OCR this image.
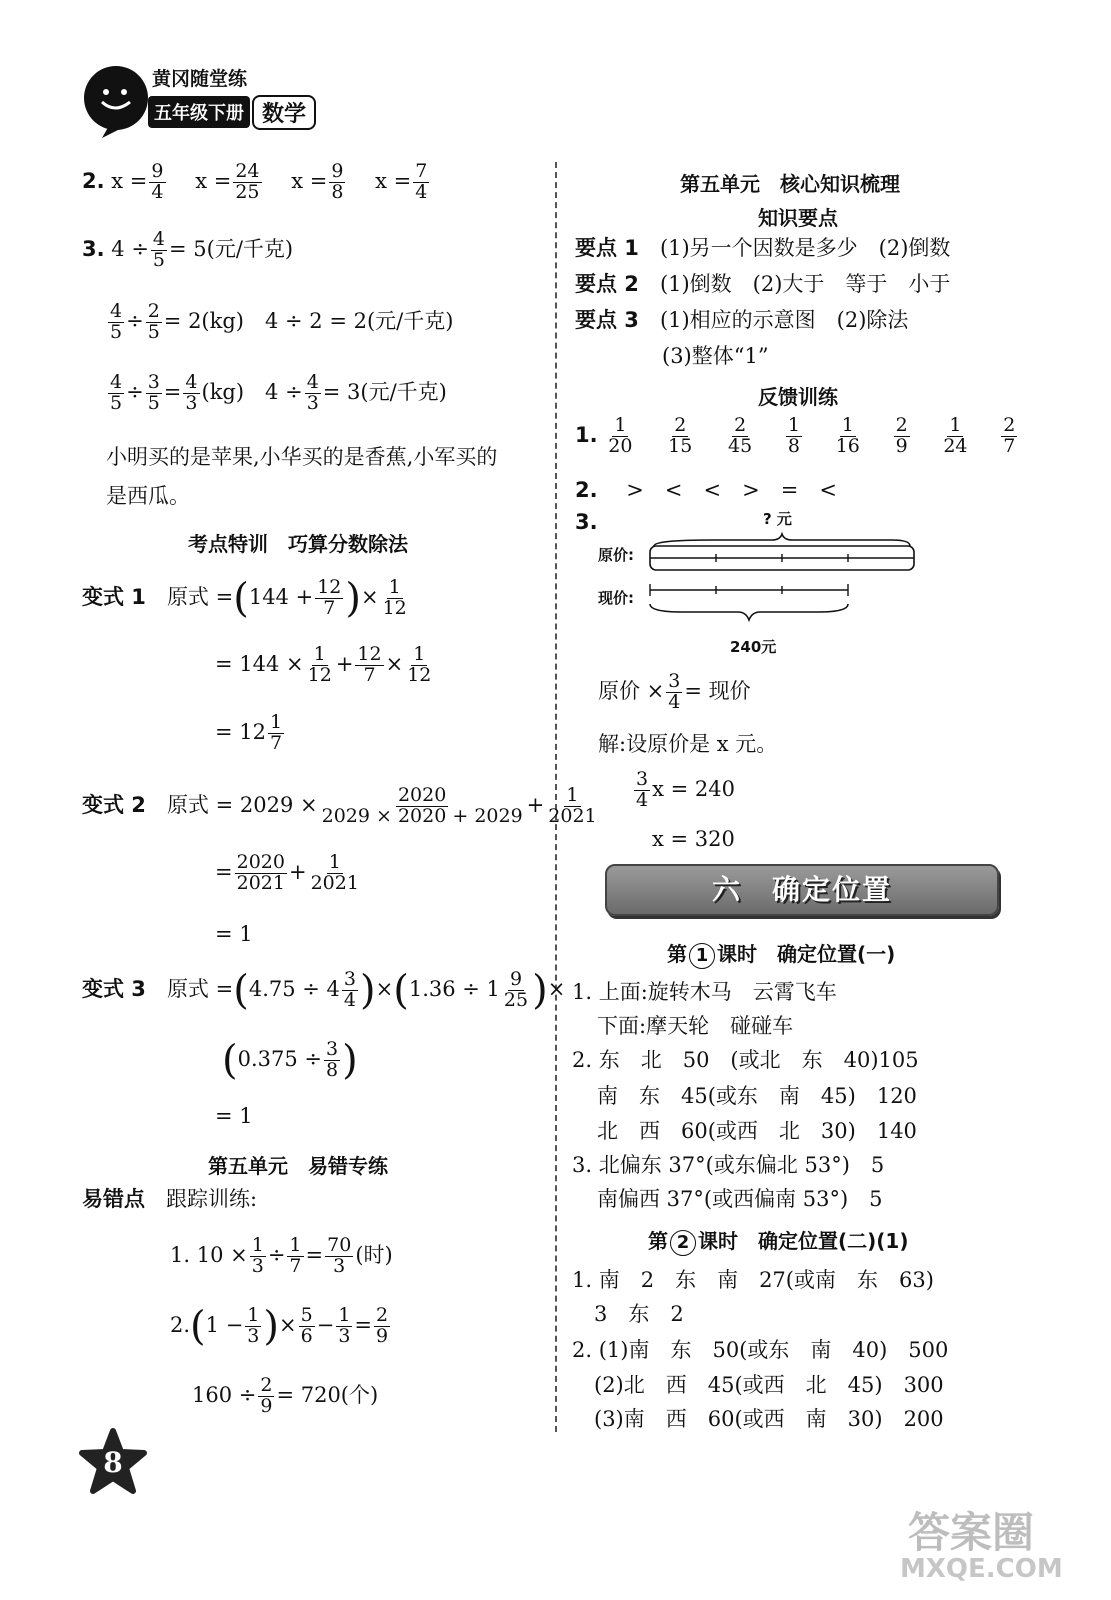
黄冈随堂练
五年级下册 数学
2. $x = \frac{9}{4}$
　 $x = \frac{24}{25}$
　 $x = \frac{9}{8}$
　 $x = \frac{7}{4}$
3. $4 \div \frac{4}{5} = 5$(元/千克)
$\frac{4}{5} \div \frac{2}{5} = 2(kg)$　4 ÷ 2 = 2(元/千克)
$\frac{4}{5} \div \frac{3}{5} = \frac{4}{3} (kg)$　$4 \div \frac{4}{3} = 3$(元/千克)
小明买的是苹果,小华买的是香蕉,小军买的
是西瓜。
考点特训　巧算分数除法
变式 1　 原式 $=(144 + \frac{12}{7}$ )× $\frac{1}{12}$
= $144 \times \frac{1}{12} + \frac{12}{7} \times \frac{1}{12}$
= $12 \frac{1}{7}$
变式 2　 原式 = $2029 \times \frac{2020}{2029 \times 2020 + 2029} + \frac{1}{2021}$
= $\frac{2020}{2021} + \frac{1}{2021}$
= 1
变式 3　 原式 $=(4.75 \div 4 \frac{3}{4} )\times(1.36 \div 1 \frac{9}{25}$ )×
($0.375 \div \frac{3}{8}$ )
= 1
第五单元　易错专练
易错点　 跟踪训练:
1. $10 \times \frac{1}{3} \div \frac{1}{7} = \frac{70}{3}$ (时)
$2.(1 - \frac{1}{3}$ )× $\frac{5}{6} - \frac{1}{3} = \frac{2}{9}$
$160 \div \frac{2}{9} = 720$(个)
第五单元　核心知识梳理
知识要点
要点 1　 (1)另一个因数是多少　(2)倒数
要点 2　 (1)倒数　(2)大于　等于　小于
要点 3　 (1)相应的示意图　(2)除法
(3)整体“1”
反馈训练
1. $\frac{1}{20}$
　 $\frac{2}{15}$
　 $\frac{2}{45}$
　 $\frac{1}{8}$
　 $\frac{1}{16}$
　 $\frac{2}{9}$
　 $\frac{1}{24}$
　 $\frac{2}{7}$
2. >　 <　 <　 >　 =　 <
3.	? 元
原价:
现价:
240元
原价 × $\frac{3}{4}$ = 现价
解:设原价是 x 元。
$\frac{3}{4}$ x = 240
x = 320
六　确定位置
第 1 课时　确定位置(一)
1. 上面:旋转木马　云霄飞车
下面:摩天轮　碰碰车
2. 东　北　50　(或北　东　40)105
南　东　45(或东　南　45)　120
北　西　60(或西　北　30)　140
3. 北偏东 37°(或东偏北 53°)　5
南偏西 37°(或西偏南 53°)　5
第 2 课时　确定位置(二)(1)
1. 南　2　东　南　27(或南　东　63)
3　东　2
2. (1)南　东　50(或东　南　40)　500
(2)北　西　45(或西　北　45)　300
(3)南　西　60(或西　南　30)　200
8
答案圈
MXQE.COM
